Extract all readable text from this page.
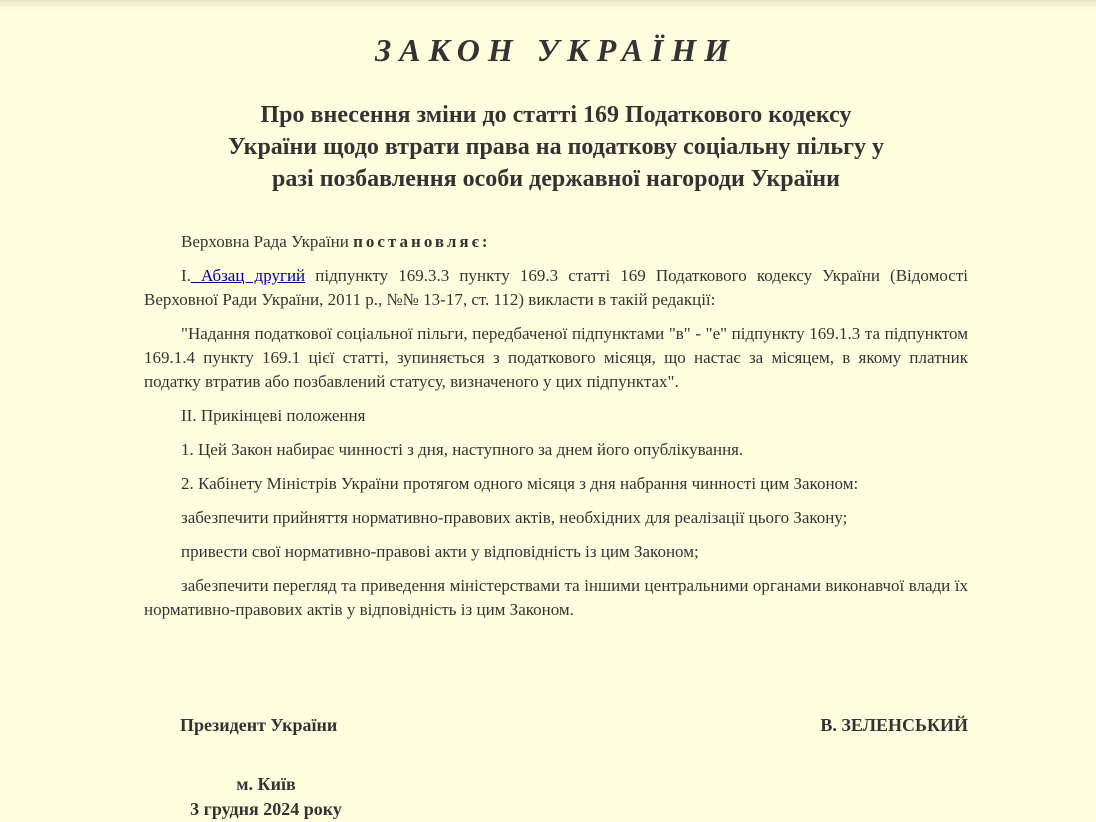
ЗАКОН УКРАЇНИ
Про внесення зміни до статті 169 Податкового кодексу
України щодо втрати права на податкову соціальну пільгу у
разі позбавлення особи державної нагороди України

Верховна Рада України постановляє:

I. Абзац другий підпункту 169.3.3 пункту 169.3 статті 169 Податкового кодексу України (Відомості Верховної Ради України, 2011 р., №№ 13-17, ст. 112) викласти в такій редакції:

"Надання податкової соціальної пільги, передбаченої підпунктами "в" - "е" підпункту 169.1.3 та підпунктом 169.1.4 пункту 169.1 цієї статті, зупиняється з податкового місяця, що настає за місяцем, в якому платник податку втратив або позбавлений статусу, визначеного у цих підпунктах".

II. Прикінцеві положення

1. Цей Закон набирає чинності з дня, наступного за днем його опублікування.

2. Кабінету Міністрів України протягом одного місяця з дня набрання чинності цим Законом:

забезпечити прийняття нормативно-правових актів, необхідних для реалізації цього Закону;

привести свої нормативно-правові акти у відповідність із цим Законом;

забезпечити перегляд та приведення міністерствами та іншими центральними органами виконавчої влади їх нормативно-правових актів у відповідність із цим Законом.

Президент України	В. ЗЕЛЕНСЬКИЙ
м. Київ
3 грудня 2024 року
